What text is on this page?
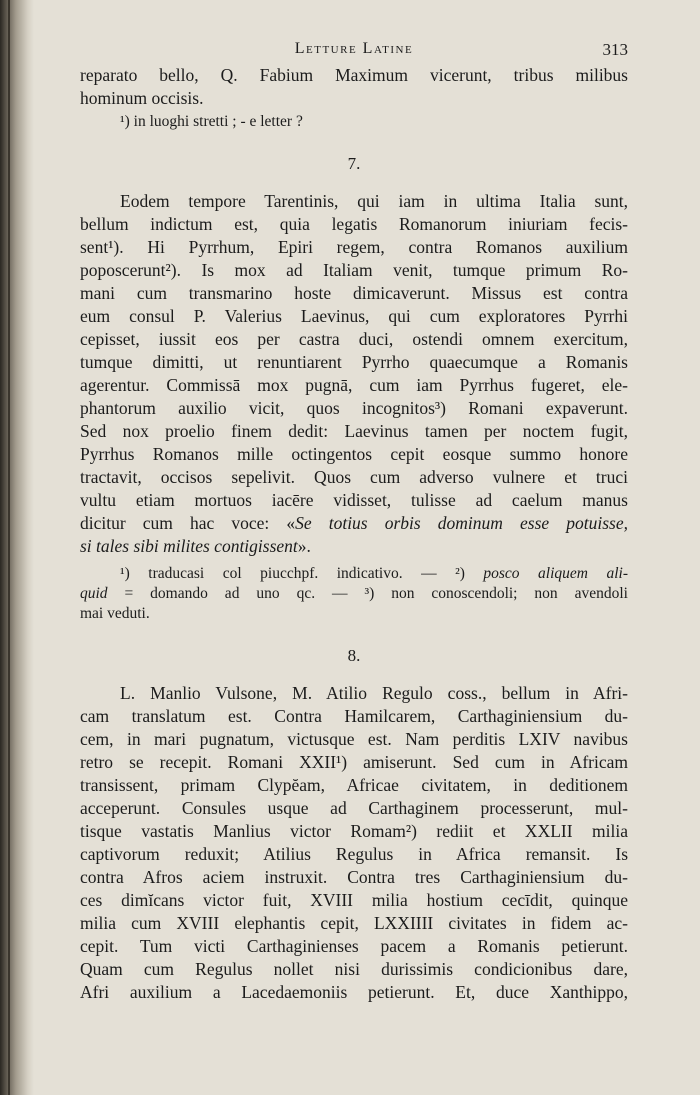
Letture Latine	313
reparato bello, Q. Fabium Maximum vicerunt, tribus milibus
hominum occisis.
¹) in luoghi stretti ; - e letter ?
7.
Eodem tempore Tarentinis, qui iam in ultima Italia sunt,
bellum indictum est, quia legatis Romanorum iniuriam fecis-
sent¹). Hi Pyrrhum, Epiri regem, contra Romanos auxilium
poposcerunt²). Is mox ad Italiam venit, tumque primum Ro-
mani cum transmarino hoste dimicaverunt. Missus est contra
eum consul P. Valerius Laevinus, qui cum exploratores Pyrrhi
cepisset, iussit eos per castra duci, ostendi omnem exercitum,
tumque dimitti, ut renuntiarent Pyrrho quaecumque a Romanis
agerentur. Commissā mox pugnā, cum iam Pyrrhus fugeret, ele-
phantorum auxilio vicit, quos incognitos³) Romani expaverunt.
Sed nox proelio finem dedit: Laevinus tamen per noctem fugit,
Pyrrhus Romanos mille octingentos cepit eosque summo honore
tractavit, occisos sepelivit. Quos cum adverso vulnere et truci
vultu etiam mortuos iacēre vidisset, tulisse ad caelum manus
dicitur cum hac voce: «Se totius orbis dominum esse potuisse,
si tales sibi milites contigissent».
¹) traducasi col piucchpf. indicativo. — ²) posco aliquem ali-
quid = domando ad uno qc. — ³) non conoscendoli; non avendoli
mai veduti.
8.
L. Manlio Vulsone, M. Atilio Regulo coss., bellum in Afri-
cam translatum est. Contra Hamilcarem, Carthaginiensium du-
cem, in mari pugnatum, victusque est. Nam perditis LXIV navibus
retro se recepit. Romani XXII¹) amiserunt. Sed cum in Africam
transissent, primam Clypĕam, Africae civitatem, in deditionem
acceperunt. Consules usque ad Carthaginem processerunt, mul-
tisque vastatis Manlius victor Romam²) rediit et XXLII milia
captivorum reduxit; Atilius Regulus in Africa remansit. Is
contra Afros aciem instruxit. Contra tres Carthaginiensium du-
ces dimĭcans victor fuit, XVIII milia hostium cecīdit, quinque
milia cum XVIII elephantis cepit, LXXIIII civitates in fidem ac-
cepit. Tum victi Carthaginienses pacem a Romanis petierunt.
Quam cum Regulus nollet nisi durissimis condicionibus dare,
Afri auxilium a Lacedaemoniis petierunt. Et, duce Xanthippo,
